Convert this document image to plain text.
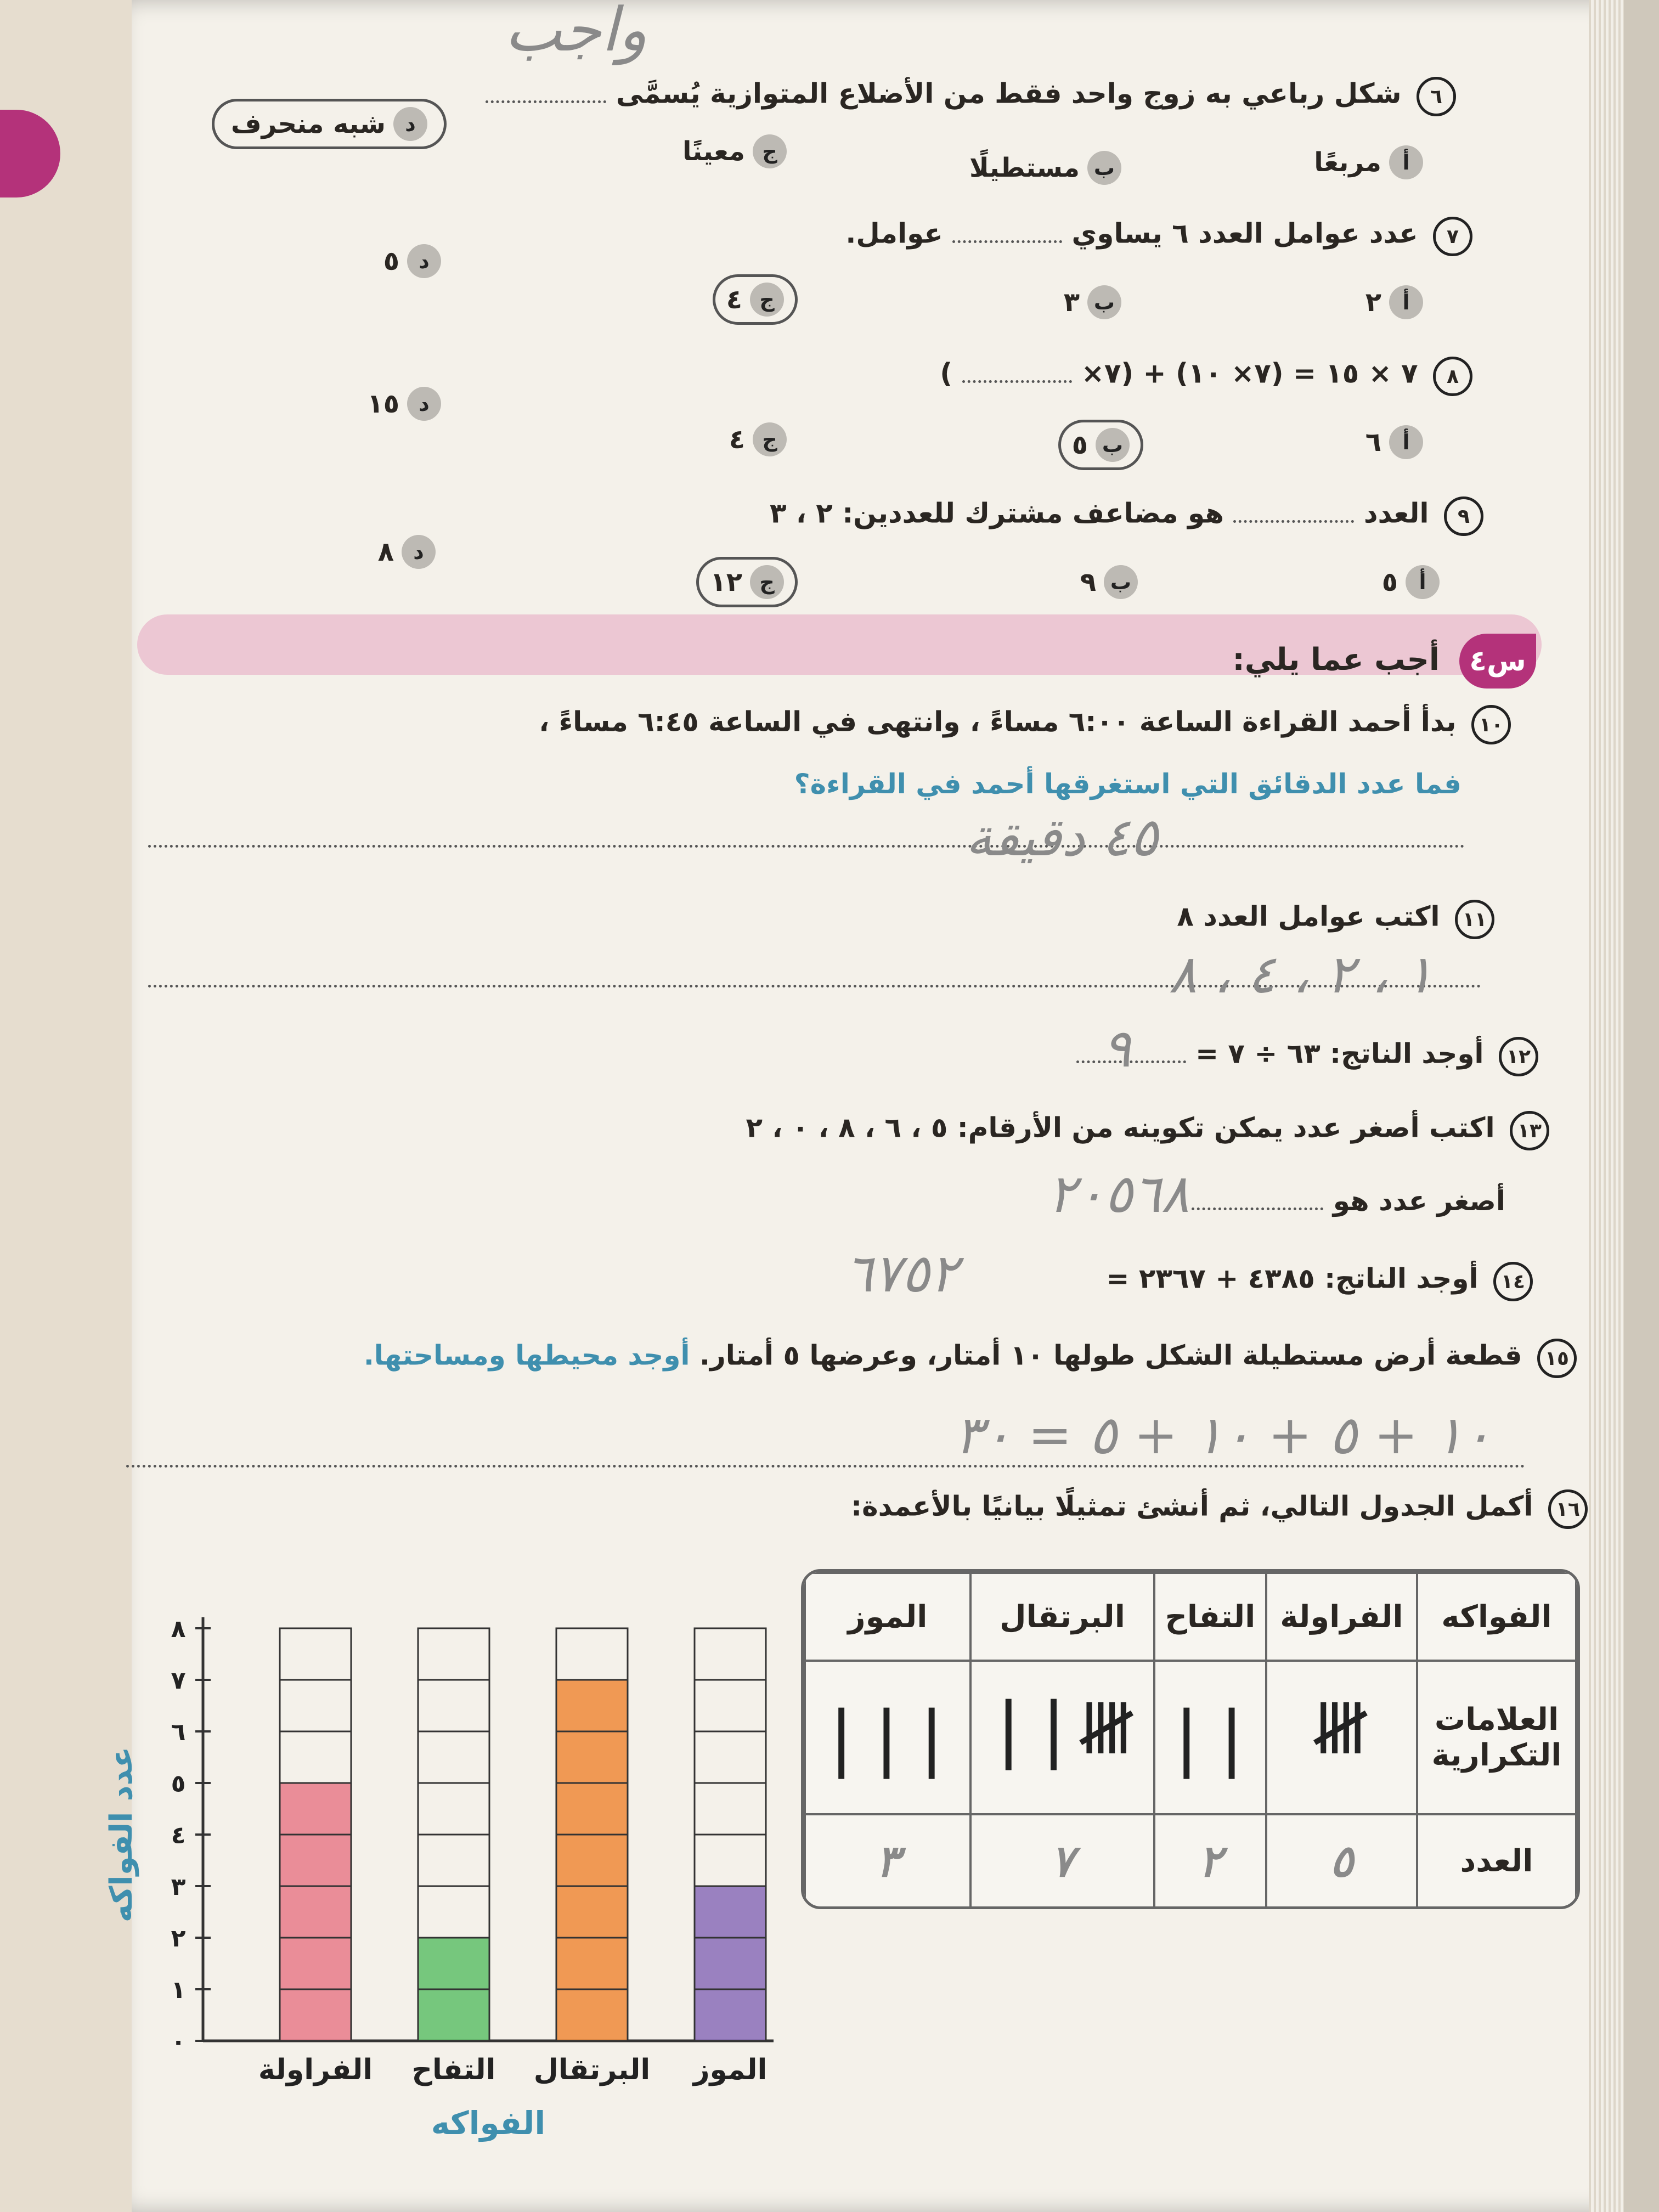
واجب
٦ شكل رباعي به زوج واحد فقط من الأضلاع المتوازية يُسمَّى
أ
مربعًا
ب
مستطيلًا
ج
معينًا
د
شبه منحرف
٧ عدد عوامل العدد ٦ يساوي  عوامل.
أ
٢
ب
٣
ج
٤
د
٥
٨ ٧ × ١٥ = (٧× ١٠) + (٧×  )
أ
٦
ب
٥
ج
٤
د
١٥
٩ العدد  هو مضاعف مشترك للعددين: ٢ ، ٣
أ
٥
ب
٩
ج
١٢
د
٨
س٤
أجب عما يلي:
١٠ بدأ أحمد القراءة الساعة ٦:٠٠ مساءً ، وانتهى في الساعة ٦:٤٥ مساءً ،
فما عدد الدقائق التي استغرقها أحمد في القراءة؟
٤٥ دقيقة
١١ اكتب عوامل العدد ٨
١ ، ٢ ، ٤ ، ٨
١٢ أوجد الناتج: ٦٣ ÷ ٧ =
٩
١٣ اكتب أصغر عدد يمكن تكوينه من الأرقام: ٥ ، ٦ ، ٨ ، ٠ ، ٢
أصغر عدد هو
٢٠٥٦٨
١٤ أوجد الناتج: ٤٣٨٥ + ٢٣٦٧ =
٦٧٥٢
١٥ قطعة أرض مستطيلة الشكل طولها ١٠ أمتار، وعرضها ٥ أمتار. أوجد محيطها ومساحتها.
١٠ + ٥ + ١٠ + ٥ = ٣٠
١٦ أكمل الجدول التالي، ثم أنشئ تمثيلًا بيانيًا بالأعمدة:
الفواكه	الفراولة	التفاح	البرتقال	الموز
العلامات
التكرارية	𝍸	||	𝍸||	|||
العدد	٥	٢	٧	٣
عدد الفواكه
الفواكه
٠
١
٢
٣
٤
٥
٦
٧
٨
الفراولة التفاح البرتقال الموز
